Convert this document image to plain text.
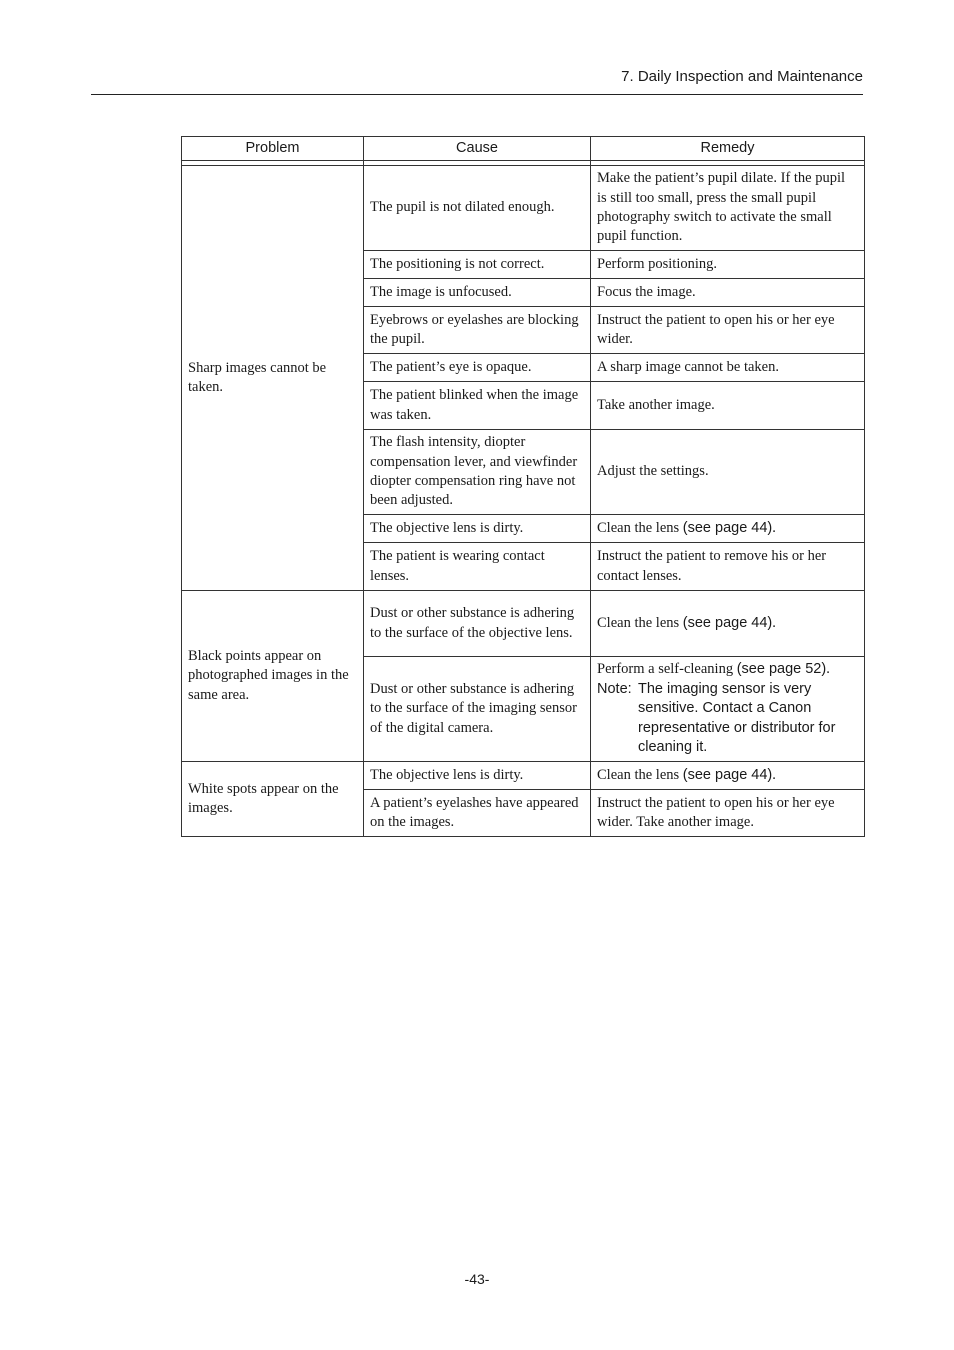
7. Daily Inspection and Maintenance
Problem	Cause	Remedy

Sharp images cannot be taken.	The pupil is not dilated enough.	Make the patient’s pupil dilate. If the pupil is still too small, press the small pupil photography switch to activate the small pupil function.
	The positioning is not correct.	Perform positioning.
	The image is unfocused.	Focus the image.
	Eyebrows or eyelashes are blocking the pupil.	Instruct the patient to open his or her eye wider.
	The patient’s eye is opaque.	A sharp image cannot be taken.
	The patient blinked when the image was taken.	Take another image.
	The flash intensity, diopter compensation lever, and viewfinder diopter compensation ring have not been adjusted.	Adjust the settings.
	The objective lens is dirty.	Clean the lens (see page 44).
	The patient is wearing contact lenses.	Instruct the patient to remove his or her contact lenses.
Black points appear on photographed images in the same area.	Dust or other substance is adhering to the surface of the objective lens.	Clean the lens (see page 44).
	Dust or other substance is adhering to the surface of the imaging sensor of the digital camera.	Perform a self-cleaning (see page 52).
Note: The imaging sensor is very sensitive. Contact a Canon representative or distributor for cleaning it.

White spots appear on the images.	The objective lens is dirty.	Clean the lens (see page 44).
	A patient’s eyelashes have appeared on the images.	Instruct the patient to open his or her eye wider. Take another image.
-43-
